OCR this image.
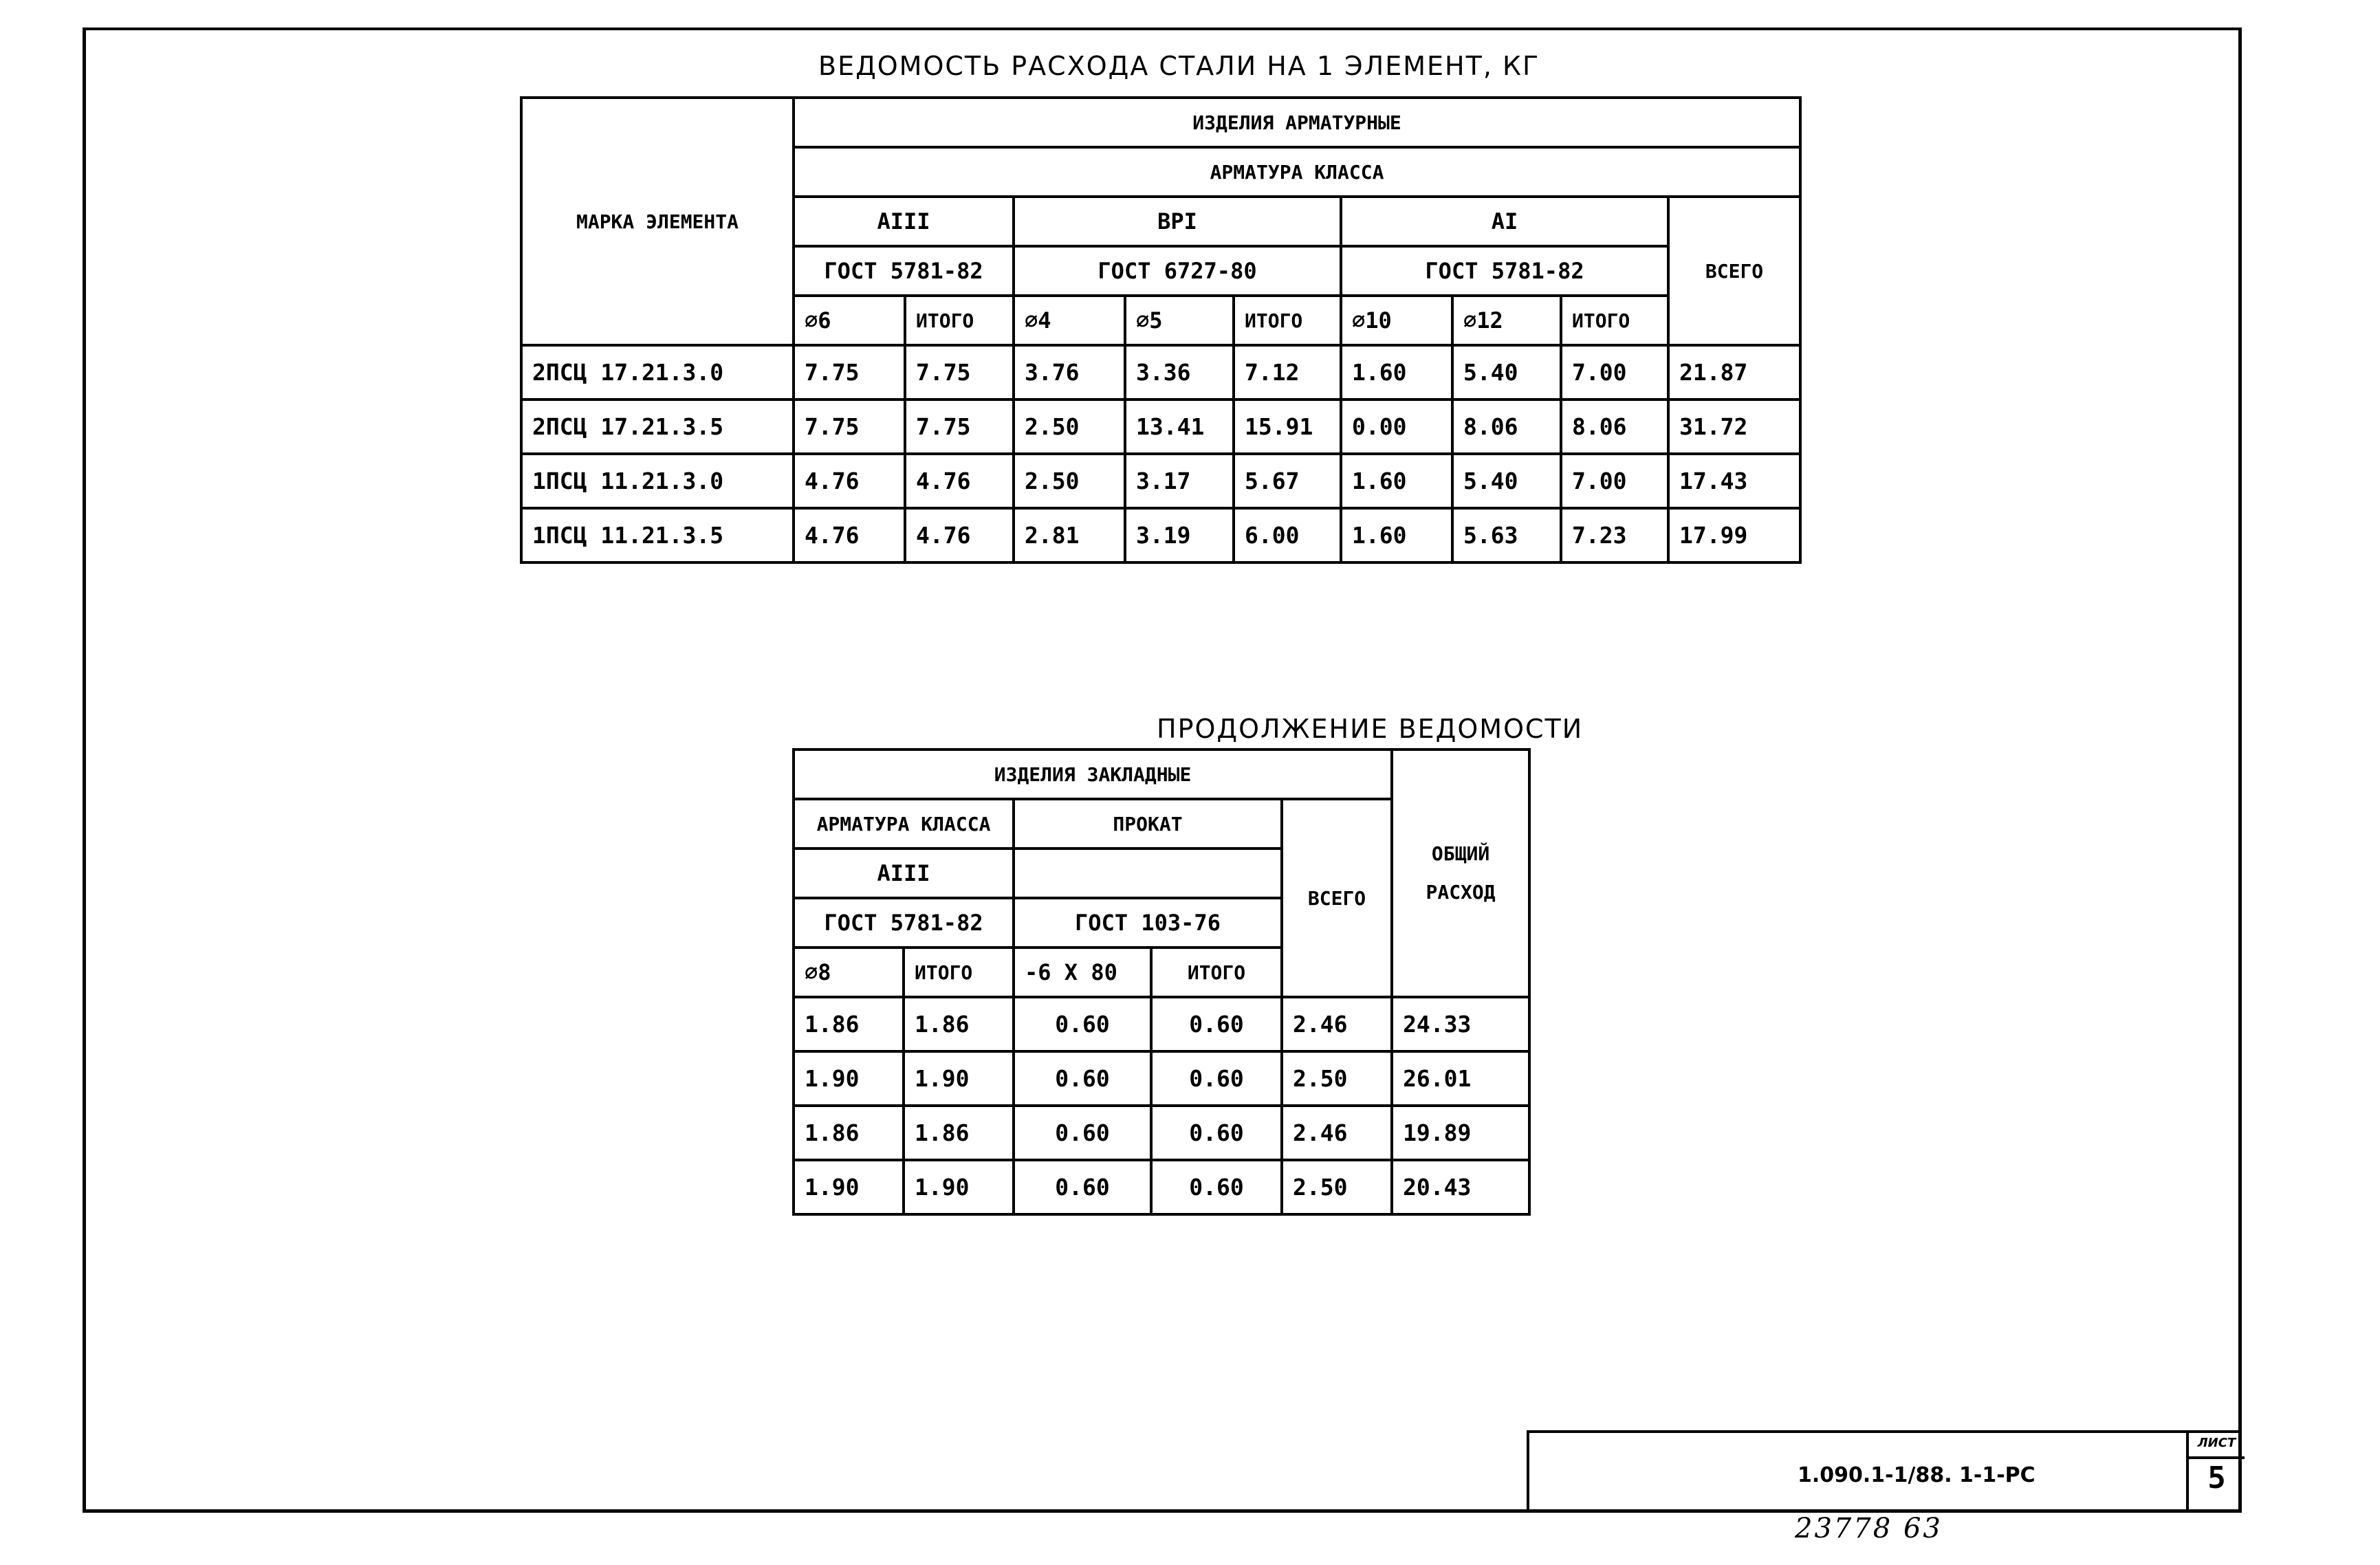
ВЕДОМОСТЬ РАСХОДА СТАЛИ НА 1 ЭЛЕМЕНТ, КГ
МАРКА ЭЛЕМЕНТА	ИЗДЕЛИЯ АРМАТУРНЫЕ								
	АРМАТУРА КЛАССА								
	AIII		BPI			AI			ВСЕГО
	ГОСТ 5781-82		ГОСТ 6727-80			ГОСТ 5781-82			
	∅6	ИТОГО	∅4	∅5	ИТОГО	∅10	∅12	ИТОГО	
2ПСЦ 17.21.3.0	7.75	7.75	3.76	3.36	7.12	1.60	5.40	7.00	21.87
2ПСЦ 17.21.3.5	7.75	7.75	2.50	13.41	15.91	0.00	8.06	8.06	31.72
1ПСЦ 11.21.3.0	4.76	4.76	2.50	3.17	5.67	1.60	5.40	7.00	17.43
1ПСЦ 11.21.3.5	4.76	4.76	2.81	3.19	6.00	1.60	5.63	7.23	17.99
ПРОДОЛЖЕНИЕ ВЕДОМОСТИ
ИЗДЕЛИЯ ЗАКЛАДНЫЕ					ОБЩИЙ
РАСХОД
АРМАТУРА КЛАССА		ПРОКАТ		ВСЕГО	
AIII					
ГОСТ 5781-82		ГОСТ 103-76			
∅8	ИТОГО	-6 X 80	ИТОГО		
1.86	1.86	0.60	0.60	2.46	24.33
1.90	1.90	0.60	0.60	2.50	26.01
1.86	1.86	0.60	0.60	2.46	19.89
1.90	1.90	0.60	0.60	2.50	20.43
1.090.1-1/88. 1-1-РС
ЛИСТ
5
23778 63
